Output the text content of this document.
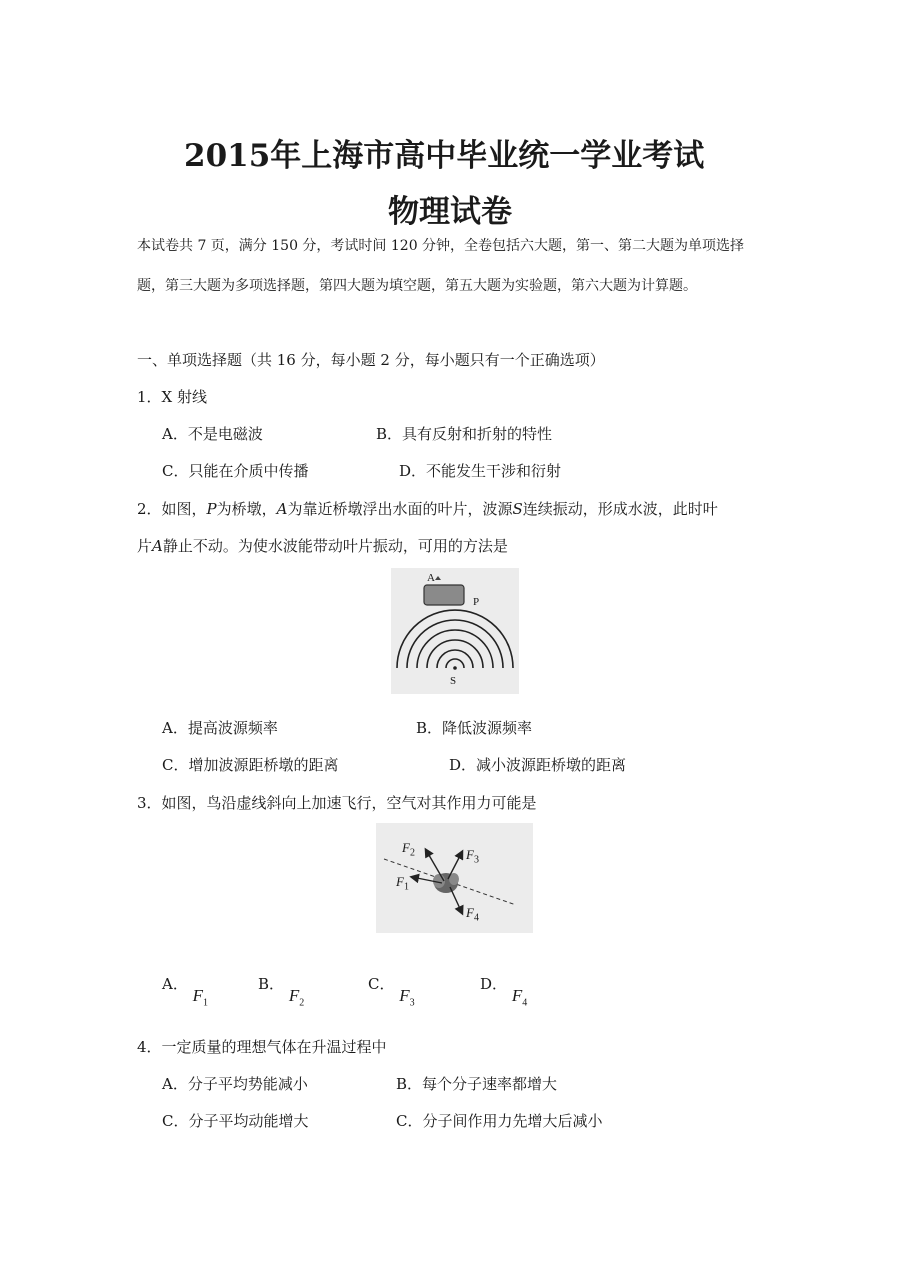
2015年上海市高中毕业统一学业考试
物理试卷
本试卷共 7 页，满分 150 分，考试时间 120 分钟，全卷包括六大题，第一、第二大题为单项选择
题，第三大题为多项选择题，第四大题为填空题，第五大题为实验题，第六大题为计算题。
一、单项选择题（共 16 分，每小题 2 分，每小题只有一个正确选项）
1．X 射线
A．不是电磁波	B．具有反射和折射的特性
C．只能在介质中传播	D．不能发生干涉和衍射
2．如图，P为桥墩，A为靠近桥墩浮出水面的叶片，波源S连续振动，形成水波，此时叶
片A静止不动。为使水波能带动叶片振动，可用的方法是
A
P
S
A．提高波源频率	B．降低波源频率
C．增加波源距桥墩的距离	D．减小波源距桥墩的距离
3．如图，鸟沿虚线斜向上加速飞行，空气对其作用力可能是
$F_2$	$F_3$
$F_1$
$F_4$
A． $F_1$
B． $F_2$
C． $F_3$
D． $F_4$
4．一定质量的理想气体在升温过程中
A．分子平均势能减小	B．每个分子速率都增大
C．分子平均动能增大	C．分子间作用力先增大后减小
